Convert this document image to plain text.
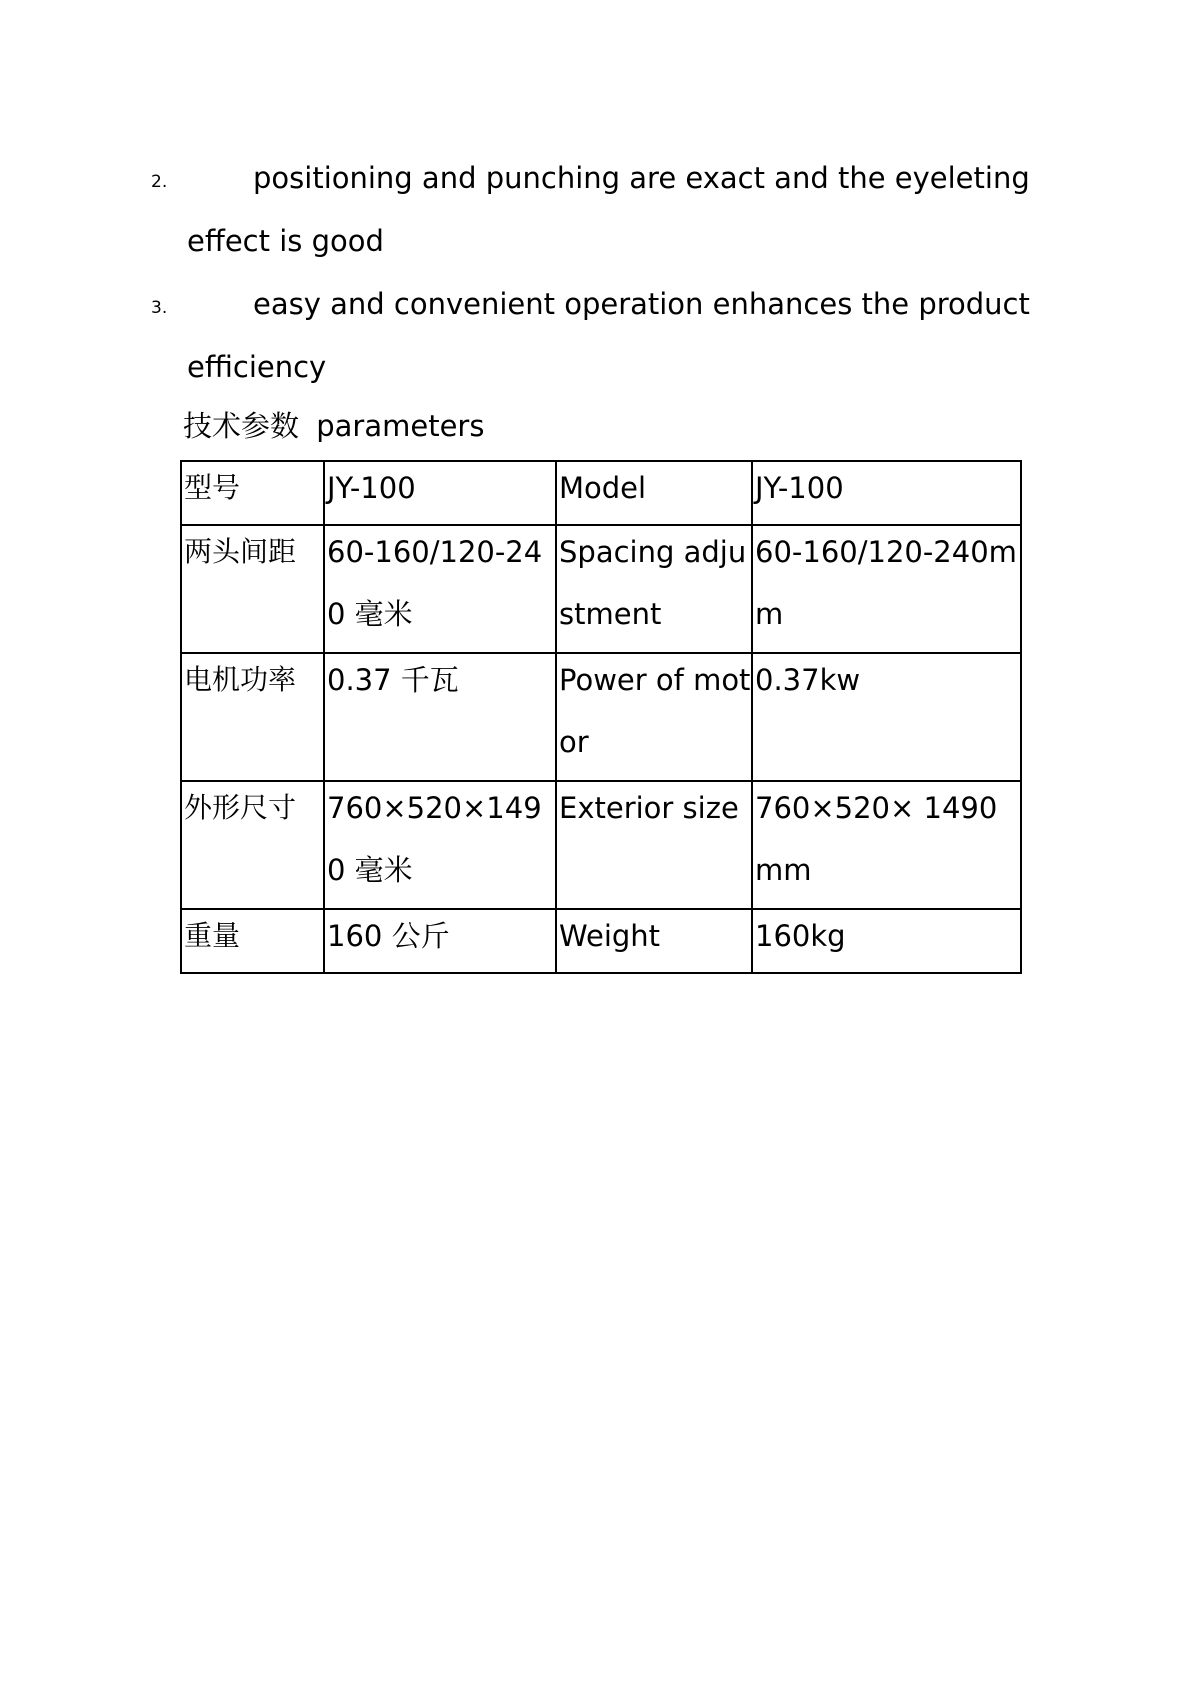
2.	positioning and punching are exact and the eyeleting
effect is good
3.	easy and convenient operation enhances the product
efficiency
技术参数 parameters
型号	JY-100	Model	JY-100

两头间距	60-160/120-240 毫米	Spacing adjustment	60-160/120-240mm

电机功率	0.37 千瓦	Power of motor	0.37kw

外形尺寸	760×520×1490 毫米	Exterior size	760×520× 1490mm

重量	160 公斤	Weight	160kg
